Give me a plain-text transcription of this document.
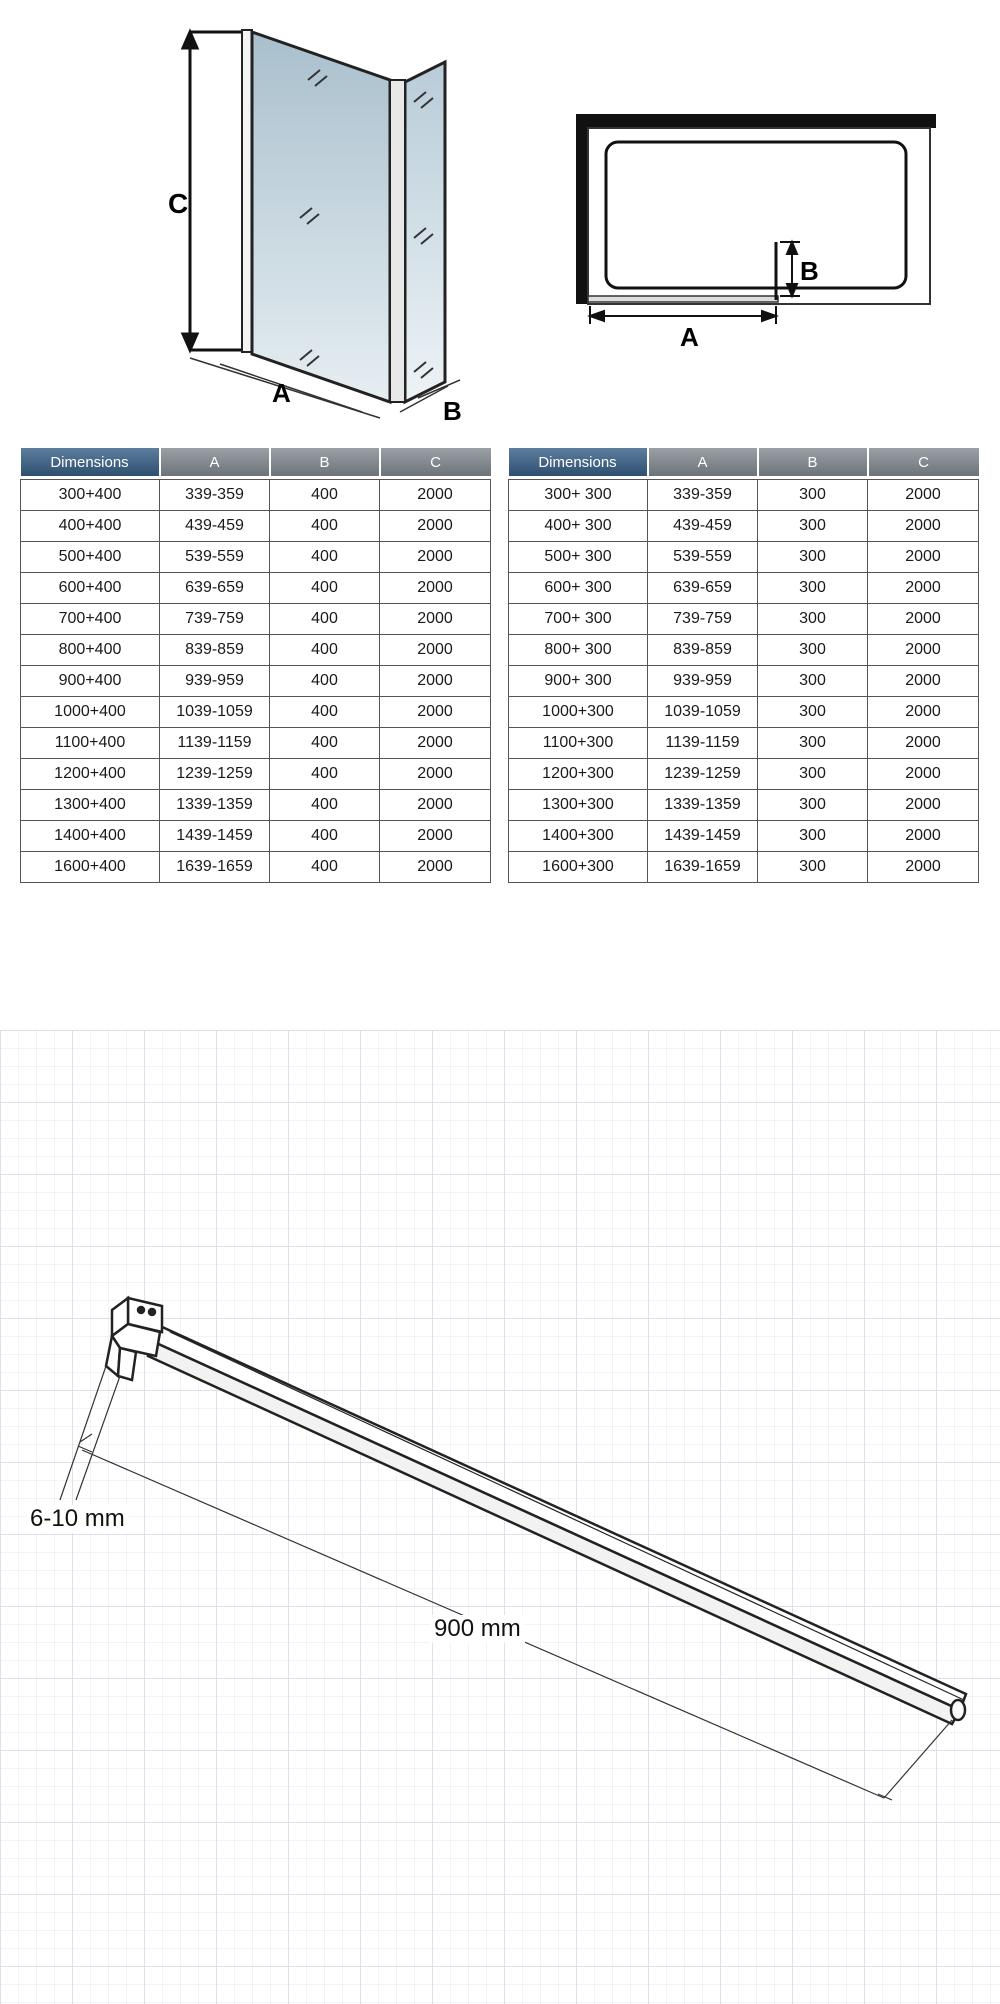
C
A
B
B
A
Dimensions	A	B	C

300+400	339-359	400	2000
400+400	439-459	400	2000
500+400	539-559	400	2000
600+400	639-659	400	2000
700+400	739-759	400	2000
800+400	839-859	400	2000
900+400	939-959	400	2000
1000+400	1039-1059	400	2000
1100+400	1139-1159	400	2000
1200+400	1239-1259	400	2000
1300+400	1339-1359	400	2000
1400+400	1439-1459	400	2000
1600+400	1639-1659	400	2000
Dimensions	A	B	C

300+ 300	339-359	300	2000
400+ 300	439-459	300	2000
500+ 300	539-559	300	2000
600+ 300	639-659	300	2000
700+ 300	739-759	300	2000
800+ 300	839-859	300	2000
900+ 300	939-959	300	2000
1000+300	1039-1059	300	2000
1100+300	1139-1159	300	2000
1200+300	1239-1259	300	2000
1300+300	1339-1359	300	2000
1400+300	1439-1459	300	2000
1600+300	1639-1659	300	2000
6-10 mm
900 mm
